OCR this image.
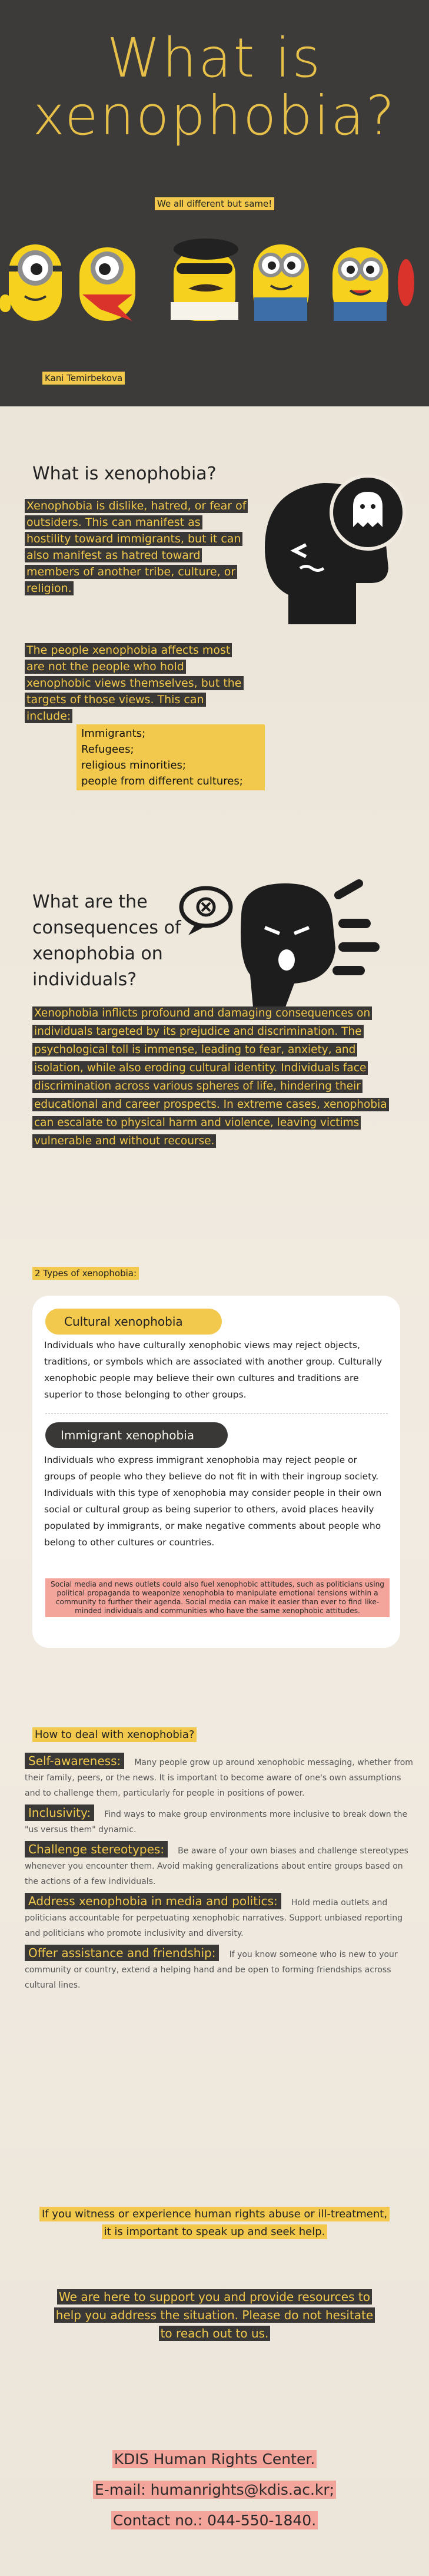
What is
xenophobia?
We all different but same!
Kani Temirbekova
What is xenophobia?
Xenophobia is dislike, hatred, or fear of outsiders. This can manifest as hostility toward immigrants, but it can also manifest as hatred toward members of another tribe, culture, or religion.
The people xenophobia affects most are not the people who hold xenophobic views themselves, but the targets of those views. This can include:
Immigrants;
Refugees;
religious minorities;
people from different cultures;
What are the consequences of xenophobia on individuals?
Xenophobia inflicts profound and damaging consequences on individuals targeted by its prejudice and discrimination. The psychological toll is immense, leading to fear, anxiety, and isolation, while also eroding cultural identity. Individuals face discrimination across various spheres of life, hindering their educational and career prospects. In extreme cases, xenophobia can escalate to physical harm and violence, leaving victims vulnerable and without recourse.
2 Types of xenophobia:
Cultural xenophobia
Individuals who have culturally xenophobic views may reject objects, traditions, or symbols which are associated with another group. Culturally xenophobic people may believe their own cultures and traditions are superior to those belonging to other groups.
Immigrant xenophobia
Individuals who express immigrant xenophobia may reject people or groups of people who they believe do not fit in with their ingroup society. Individuals with this type of xenophobia may consider people in their own social or cultural group as being superior to others, avoid places heavily populated by immigrants, or make negative comments about people who belong to other cultures or countries.
Social media and news outlets could also fuel xenophobic attitudes, such as politicians using political propaganda to weaponize xenophobia to manipulate emotional tensions within a community to further their agenda. Social media can make it easier than ever to find like-minded individuals and communities who have the same xenophobic attitudes.
How to deal with xenophobia?
Self-awareness: Many people grow up around xenophobic messaging, whether from their family, peers, or the news. It is important to become aware of one's own assumptions and to challenge them, particularly for people in positions of power.
Inclusivity: Find ways to make group environments more inclusive to break down the "us versus them" dynamic.
Challenge stereotypes: Be aware of your own biases and challenge stereotypes whenever you encounter them. Avoid making generalizations about entire groups based on the actions of a few individuals.
Address xenophobia in media and politics: Hold media outlets and politicians accountable for perpetuating xenophobic narratives. Support unbiased reporting and politicians who promote inclusivity and diversity.
Offer assistance and friendship: If you know someone who is new to your community or country, extend a helping hand and be open to forming friendships across cultural lines.
If you witness or experience human rights abuse or ill-treatment,
it is important to speak up and seek help.
We are here to support you and provide resources to
help you address the situation. Please do not hesitate
to reach out to us.
KDIS Human Rights Center.
E-mail: humanrights@kdis.ac.kr;
Contact no.: 044-550-1840.
